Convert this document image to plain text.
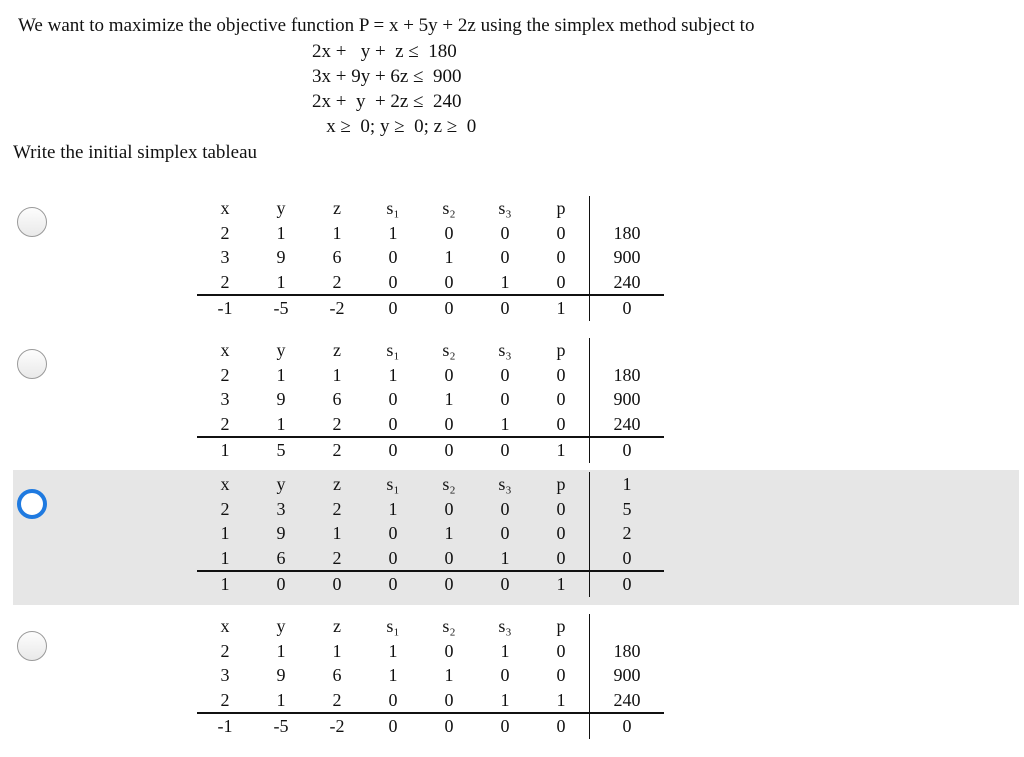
We want to maximize the objective function P = x + 5y + 2z using the simplex method subject to
2x +   y +  z ≤  180
3x + 9y + 6z ≤  900
2x +  y  + 2z ≤  240
x ≥  0; y ≥  0; z ≥  0
Write the initial simplex tableau
x	y	z	s₁	s₂	s₃	p	
2	1	1	1	0	0	0	180
3	9	6	0	1	0	0	900
2	1	2	0	0	1	0	240
-1	-5	-2	0	0	0	1	0
x	y	z	s₁	s₂	s₃	p	
2	1	1	1	0	0	0	180
3	9	6	0	1	0	0	900
2	1	2	0	0	1	0	240
1	5	2	0	0	0	1	0
x	y	z	s₁	s₂	s₃	p	1
2	3	2	1	0	0	0	5
1	9	1	0	1	0	0	2
1	6	2	0	0	1	0	0
1	0	0	0	0	0	1	0
x	y	z	s₁	s₂	s₃	p	
2	1	1	1	0	1	0	180
3	9	6	1	1	0	0	900
2	1	2	0	0	1	1	240
-1	-5	-2	0	0	0	0	0
